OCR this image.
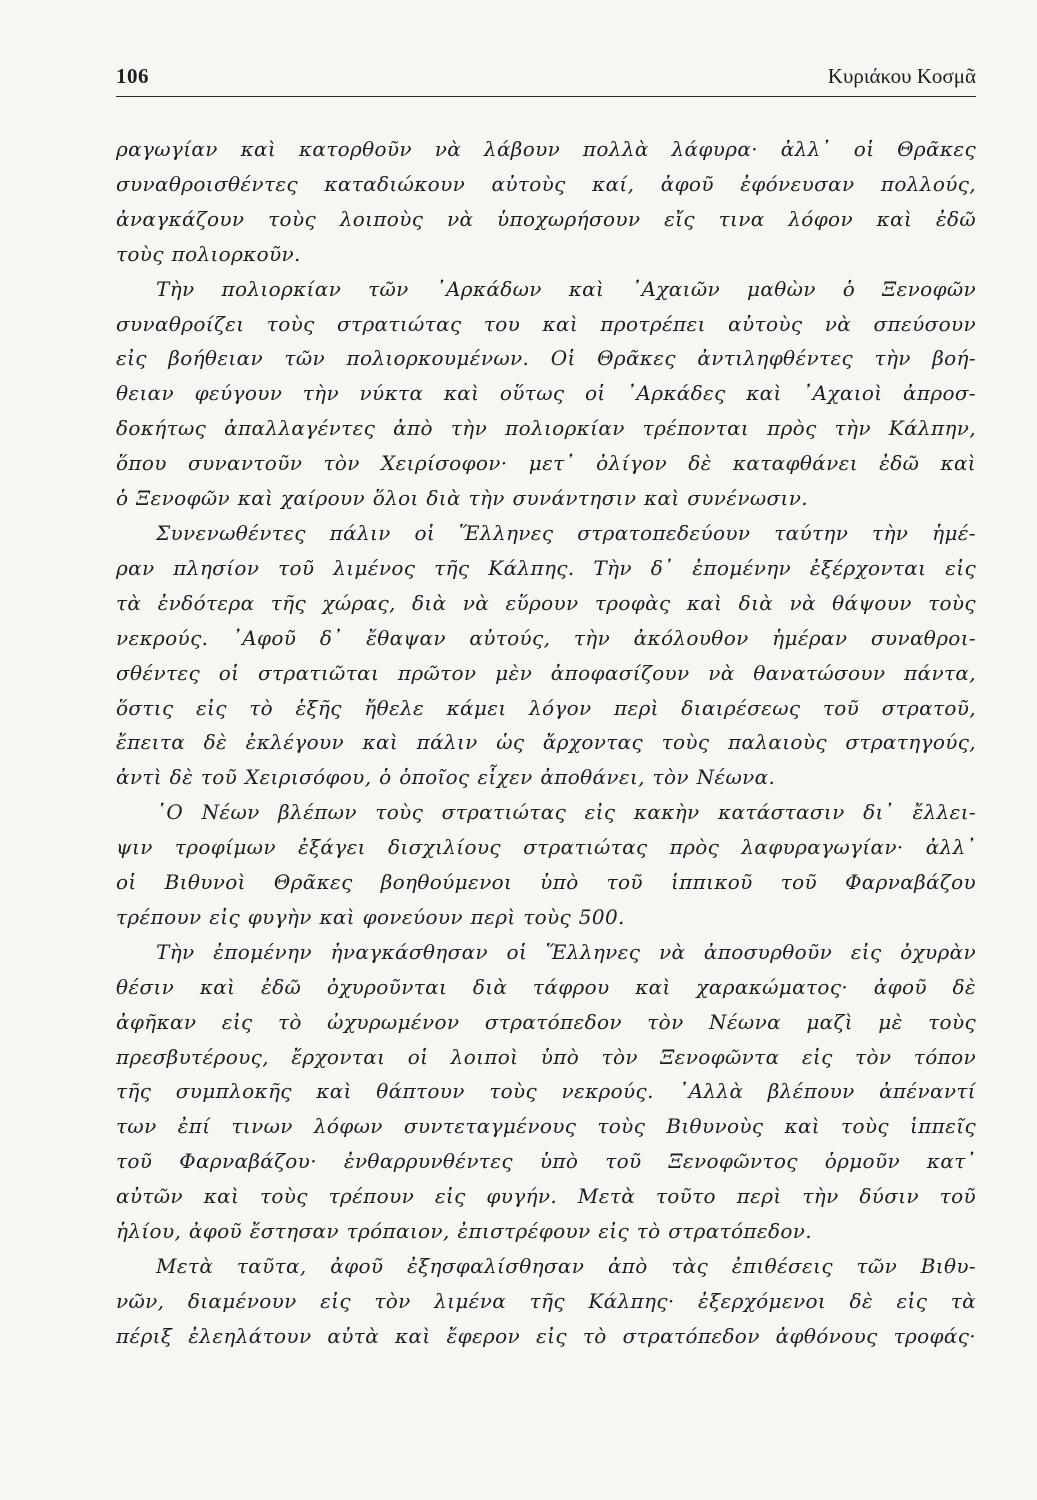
106	Κυριάκου Κοσμᾶ

ραγωγίαν καὶ κατορθοῦν νὰ λάβουν πολλὰ λάφυρα· ἀλλ᾽ οἱ Θρᾶκες
συναθροισθέντες καταδιώκουν αὐτοὺς καί, ἀφοῦ ἐφόνευσαν πολλούς,
ἀναγκάζουν τοὺς λοιποὺς νὰ ὑποχωρήσουν εἴς τινα λόφον καὶ ἐδῶ
τοὺς πολιορκοῦν.

Τὴν πολιορκίαν τῶν ᾿Αρκάδων καὶ ᾿Αχαιῶν μαθὼν ὁ Ξενοφῶν
συναθροίζει τοὺς στρατιώτας του καὶ προτρέπει αὐτοὺς νὰ σπεύσουν
εἰς βοήθειαν τῶν πολιορκουμένων. Οἱ Θρᾶκες ἀντιληφθέντες τὴν βοή-
θειαν φεύγουν τὴν νύκτα καὶ οὕτως οἱ ᾿Αρκάδες καὶ ᾿Αχαιοὶ ἀπροσ-
δοκήτως ἀπαλλαγέντες ἀπὸ τὴν πολιορκίαν τρέπονται πρὸς τὴν Κάλπην,
ὅπου συναντοῦν τὸν Χειρίσοφον· μετ᾽ ὀλίγον δὲ καταφθάνει ἐδῶ καὶ
ὁ Ξενοφῶν καὶ χαίρουν ὅλοι διὰ τὴν συνάντησιν καὶ συνένωσιν.

Συνενωθέντες πάλιν οἱ Ἕλληνες στρατοπεδεύουν ταύτην τὴν ἡμέ-
ραν πλησίον τοῦ λιμένος τῆς Κάλπης. Τὴν δ᾽ ἐπομένην ἐξέρχονται εἰς
τὰ ἐνδότερα τῆς χώρας, διὰ νὰ εὕρουν τροφὰς καὶ διὰ νὰ θάψουν τοὺς
νεκρούς. ᾿Αφοῦ δ᾽ ἔθαψαν αὐτούς, τὴν ἀκόλουθον ἡμέραν συναθροι-
σθέντες οἱ στρατιῶται πρῶτον μὲν ἀποφασίζουν νὰ θανατώσουν πάντα,
ὅστις εἰς τὸ ἑξῆς ἤθελε κάμει λόγον περὶ διαιρέσεως τοῦ στρατοῦ,
ἔπειτα δὲ ἐκλέγουν καὶ πάλιν ὡς ἄρχοντας τοὺς παλαιοὺς στρατηγούς,
ἀντὶ δὲ τοῦ Χειρισόφου, ὁ ὁποῖος εἶχεν ἀποθάνει, τὸν Νέωνα.

῾Ο Νέων βλέπων τοὺς στρατιώτας εἰς κακὴν κατάστασιν δι᾽ ἔλλει-
ψιν τροφίμων ἐξάγει δισχιλίους στρατιώτας πρὸς λαφυραγωγίαν· ἀλλ᾽
οἱ Βιθυνοὶ Θρᾶκες βοηθούμενοι ὑπὸ τοῦ ἱππικοῦ τοῦ Φαρναβάζου
τρέπουν εἰς φυγὴν καὶ φονεύουν περὶ τοὺς 500.

Τὴν ἐπομένην ἠναγκάσθησαν οἱ Ἕλληνες νὰ ἀποσυρθοῦν εἰς ὀχυρὰν
θέσιν καὶ ἐδῶ ὀχυροῦνται διὰ τάφρου καὶ χαρακώματος· ἀφοῦ δὲ
ἀφῆκαν εἰς τὸ ὠχυρωμένον στρατόπεδον τὸν Νέωνα μαζὶ μὲ τοὺς
πρεσβυτέρους, ἔρχονται οἱ λοιποὶ ὑπὸ τὸν Ξενοφῶντα εἰς τὸν τόπον
τῆς συμπλοκῆς καὶ θάπτουν τοὺς νεκρούς. ᾿Αλλὰ βλέπουν ἀπέναντί
των ἐπί τινων λόφων συντεταγμένους τοὺς Βιθυνοὺς καὶ τοὺς ἱππεῖς
τοῦ Φαρναβάζου· ἐνθαρρυνθέντες ὑπὸ τοῦ Ξενοφῶντος ὁρμοῦν κατ᾽
αὐτῶν καὶ τοὺς τρέπουν εἰς φυγήν. Μετὰ τοῦτο περὶ τὴν δύσιν τοῦ
ἡλίου, ἀφοῦ ἔστησαν τρόπαιον, ἐπιστρέφουν εἰς τὸ στρατόπεδον.

Μετὰ ταῦτα, ἀφοῦ ἐξησφαλίσθησαν ἀπὸ τὰς ἐπιθέσεις τῶν Βιθυ-
νῶν, διαμένουν εἰς τὸν λιμένα τῆς Κάλπης· ἐξερχόμενοι δὲ εἰς τὰ
πέριξ ἐλεηλάτουν αὐτὰ καὶ ἔφερον εἰς τὸ στρατόπεδον ἀφθόνους τροφάς·
